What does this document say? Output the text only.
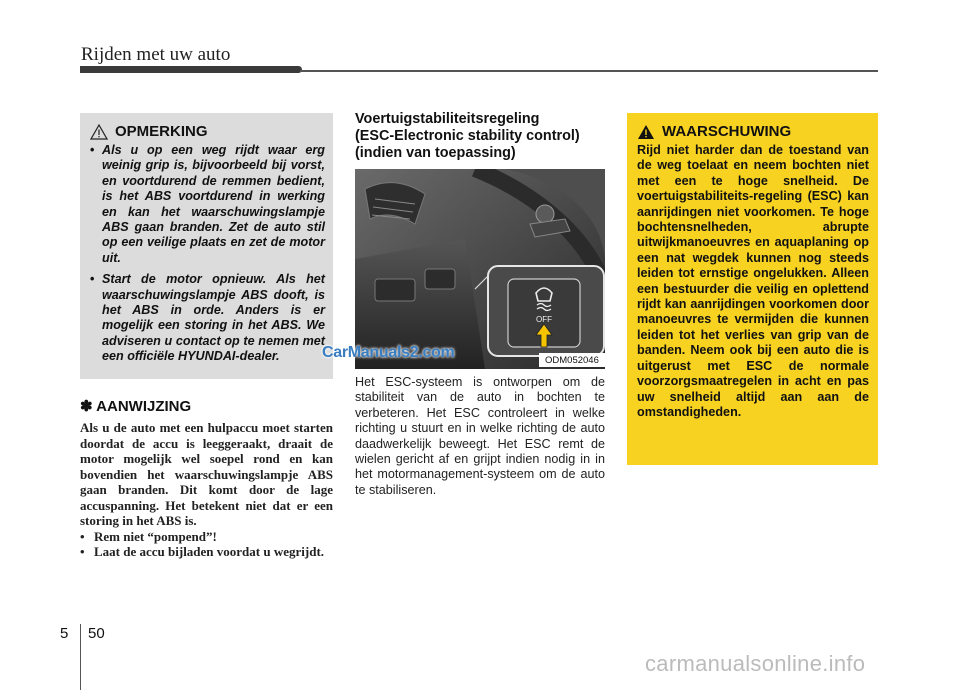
Rijden met uw auto
OPMERKING
• Als u op een weg rijdt waar erg weinig grip is, bijvoorbeeld bij vorst, en voortdurend de remmen bedient, is het ABS voortdurend in werking en kan het waarschuwingslampje ABS gaan branden. Zet de auto stil op een veilige plaats en zet de motor uit.
• Start de motor opnieuw. Als het waarschuwingslampje ABS dooft, is het ABS in orde. Anders is er mogelijk een storing in het ABS. We adviseren u contact op te nemen met een officiële HYUNDAI-dealer.
✽ AANWIJZING

Als u de auto met een hulpaccu moet starten doordat de accu is leeggeraakt, draait de motor mogelijk wel soepel rond en kan bovendien het waarschuwingslampje ABS gaan branden. Dit komt door de lage accuspanning. Het betekent niet dat er een storing in het ABS is.

• Rem niet “pompend”!
• Laat de accu bijladen voordat u wegrijdt.
Voertuigstabiliteitsregeling
(ESC-Electronic stability control)
(indien van toepassing)
OFF
ODM052046
Het ESC-systeem is ontworpen om de stabiliteit van de auto in bochten te verbeteren. Het ESC controleert in welke richting u stuurt en in welke richting de auto daadwerkelijk beweegt. Het ESC remt de wielen gericht af en grijpt indien nodig in in het motormanagement-systeem om de auto te stabiliseren.
WAARSCHUWING
Rijd niet harder dan de toestand van de weg toelaat en neem bochten niet met een te hoge snelheid. De voertuigstabiliteits-regeling (ESC) kan aanrijdingen niet voorkomen. Te hoge bochtensnelheden, abrupte uitwijkmanoeuvres en aquaplaning op een nat wegdek kunnen nog steeds leiden tot ernstige ongelukken. Alleen een bestuurder die veilig en oplettend rijdt kan aanrijdingen voorkomen door manoeuvres te vermijden die kunnen leiden tot het verlies van grip van de banden. Neem ook bij een auto die is uitgerust met ESC de normale voorzorgsmaatregelen in acht en pas uw snelheid altijd aan aan de omstandigheden.
CarManuals2.com
carmanualsonline.info
5 50
